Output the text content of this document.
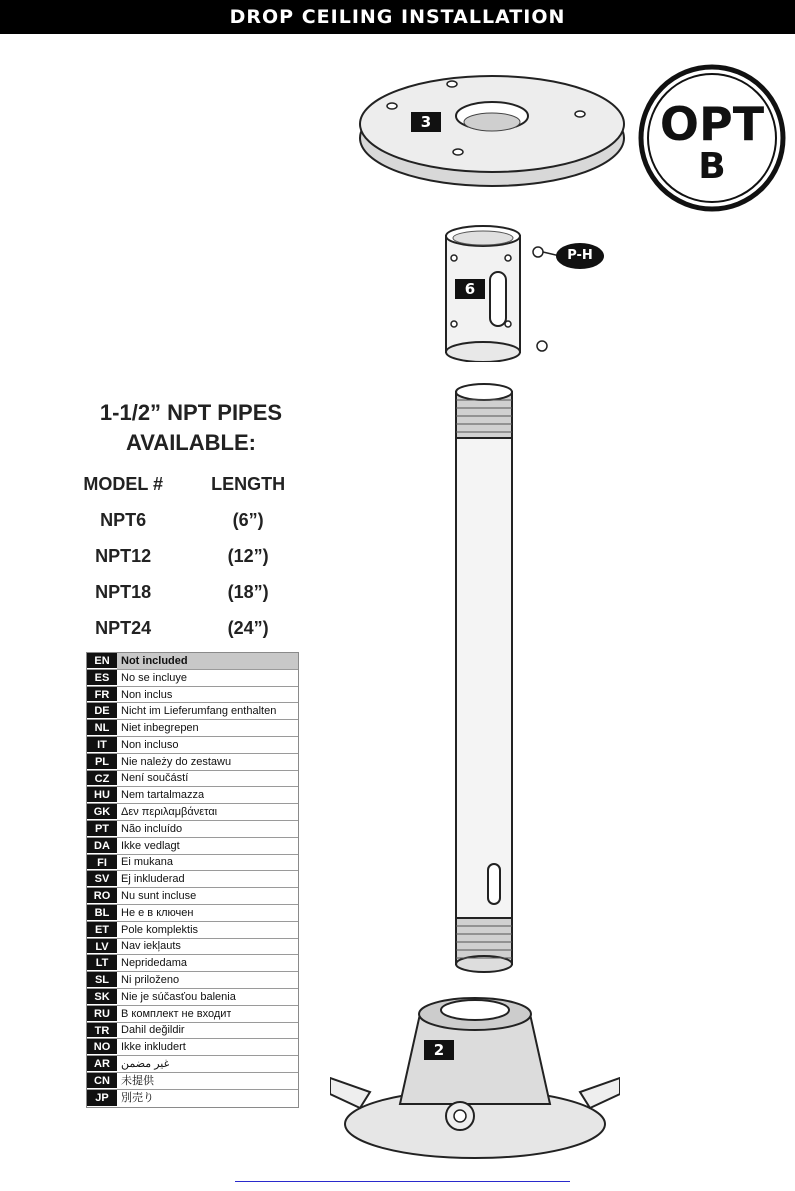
DROP CEILING INSTALLATION
3	OPT
B
6
P-H
2
1-1/2” NPT PIPES
AVAILABLE:
MODEL #	LENGTH
NPT6	(6”)
NPT12	(12”)
NPT18	(18”)
NPT24	(24”)
EN	Not included
ES	No se incluye
FR	Non inclus
DE	Nicht im Lieferumfang enthalten
NL	Niet inbegrepen
IT	Non incluso
PL	Nie należy do zestawu
CZ	Není součástí
HU	Nem tartalmazza
GK Δεν περιλαμβάνεται
PT	Não incluído
DA	Ikke vedlagt
FI	Ei mukana
SV	Ej inkluderad
RO Nu sunt incluse
BL	Не е в ключен
ET	Pole komplektis
LV	Nav iekļauts
LT	Nepridedama
SL	Ni priloženo
SK	Nie je súčasťou balenia
RU	В комплект не входит
TR	Dahil değildir
NO Ikke inkludert
AR	غير مضمن
CN	未提供
JP	別売り
